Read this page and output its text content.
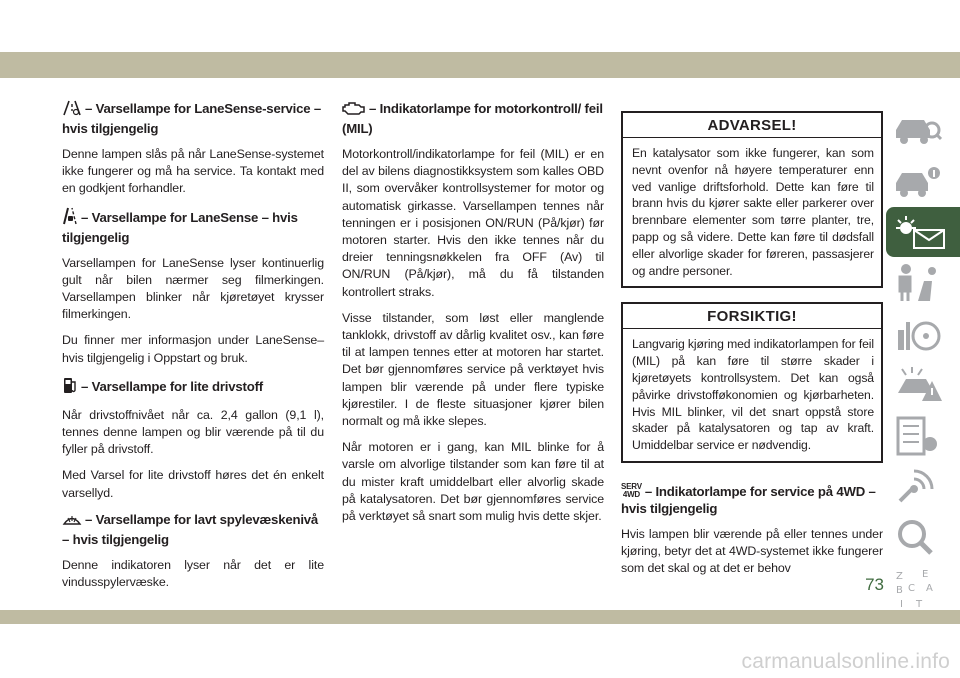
– Varsellampe for LaneSense-service – hvis tilgjengelig

Denne lampen slås på når LaneSense-systemet ikke fungerer og må ha service. Ta kontakt med en godkjent forhandler.

– Varsellampe for LaneSense – hvis tilgjengelig

Varsellampen for LaneSense lyser kontinuerlig gult når bilen nærmer seg filmerkingen. Varsellampen blinker når kjøretøyet krysser filmerkingen.

Du finner mer informasjon under LaneSense– hvis tilgjengelig i Oppstart og bruk.

– Varsellampe for lite drivstoff

Når drivstoffnivået når ca. 2,4 gallon (9,1 l), tennes denne lampen og blir værende på til du fyller på drivstoff.

Med Varsel for lite drivstoff høres det én enkelt varsellyd.

– Varsellampe for lavt spylevæskenivå – hvis tilgjengelig

Denne indikatoren lyser når det er lite vindusspylervæske.

– Indikatorlampe for motorkontroll/ feil (MIL)

Motorkontroll/indikatorlampe for feil (MIL) er en del av bilens diagnostikksystem som kalles OBD II, som overvåker kontrollsystemer for motor og automatisk girkasse. Varsellampen tennes når tenningen er i posisjonen ON/RUN (På/kjør) før motoren starter. Hvis den ikke tennes når du dreier tenningsnøkkelen fra OFF (Av) til ON/RUN (På/kjør), må du få tilstanden kontrollert straks.

Visse tilstander, som løst eller manglende tanklokk, drivstoff av dårlig kvalitet osv., kan føre til at lampen tennes etter at motoren har startet. Det bør gjennomføres service på verktøyet hvis lampen blir værende på under flere typiske kjørestiler. I de fleste situasjoner kjører bilen normalt og må ikke slepes.

Når motoren er i gang, kan MIL blinke for å varsle om alvorlige tilstander som kan føre til at du mister kraft umiddelbart eller alvorlig skade på katalysatoren. Det bør gjennomføres service på verktøyet så snart som mulig hvis dette skjer.

ADVARSEL!
En katalysator som ikke fungerer, kan som nevnt ovenfor nå høyere temperaturer enn ved vanlige driftsforhold. Dette kan føre til brann hvis du kjører sakte eller parkerer over brennbare elementer som tørre planter, tre, papp og så videre. Dette kan føre til dødsfall eller alvorlige skader for føreren, passasjerer og andre personer.
FORSIKTIG!
Langvarig kjøring med indikatorlampen for feil (MIL) på kan føre til større skader i kjøretøyets kontrollsystem. Det kan også påvirke drivstofføkonomien og kjørbarheten. Hvis MIL blinker, vil det snart oppstå store skader på katalysatoren og tap av kraft. Umiddelbar service er nødvendig.
SERV
4WD – Indikatorlampe for service på 4WD – hvis tilgjengelig

Hvis lampen blir værende på eller tennes under kjøring, betyr det at 4WD-systemet ikke fungerer som det skal og at det er behov

Z
B
E
C A
I T
73
carmanualsonline.info
